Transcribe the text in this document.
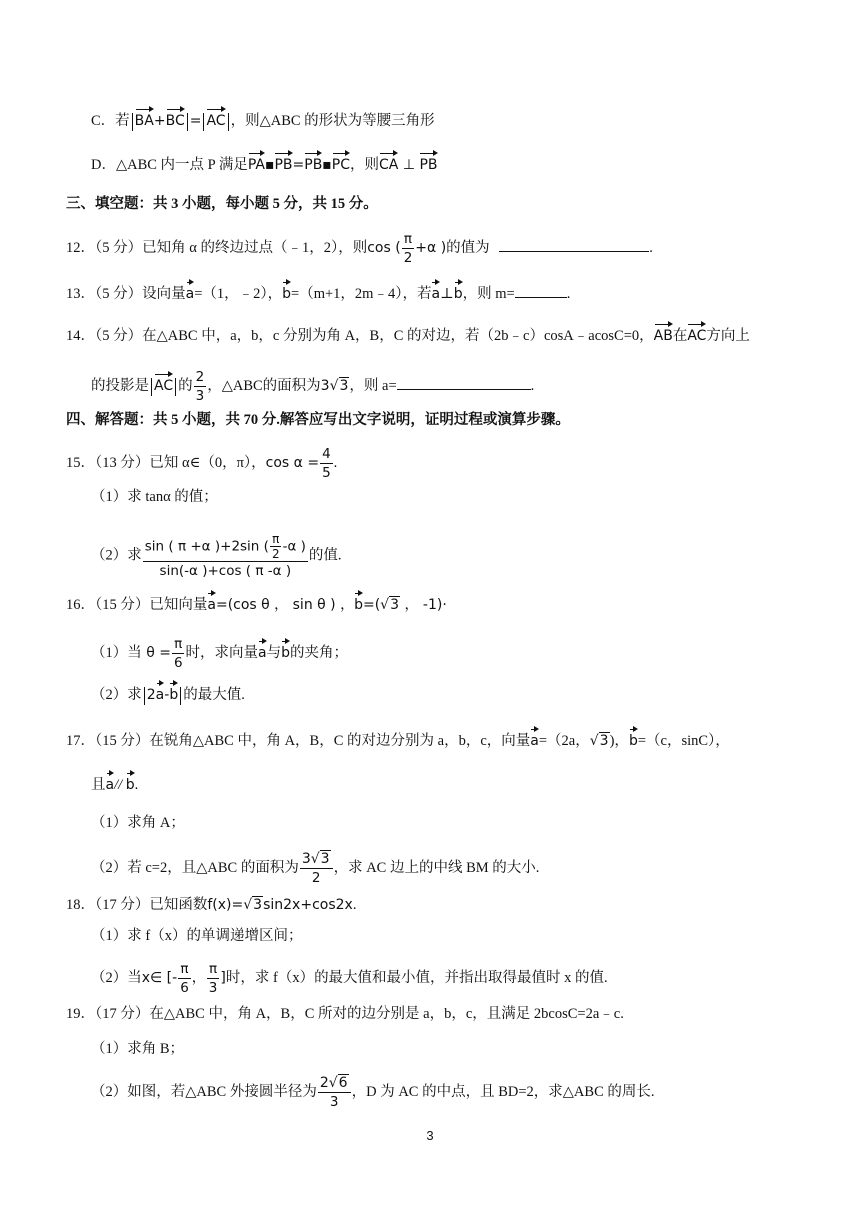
C．若 BA+BC = AC ，则△ABC 的形状为等腰三角形
D．△ABC 内一点 P 满足PA▪PB=PB▪PC，则CA ⊥ PB
三、填空题：共 3 小题，每小题 5 分，共 15 分。
12．（5 分）已知角 α 的终边过点（﹣1，2），则cos ( $\frac{\pi}{2} +\alpha$ )的值为	.
13．（5 分）设向量a=（1，﹣2），b=（m+1，2m﹣4），若a⊥b，则 m=	.
14．（5 分）在△ABC 中，a，b，c 分别为角 A，B，C 的对边，若（2b﹣c）cosA﹣acosC=0，AB在AC方向上
的投影是 AC 的 $\frac{2}{3}$ ，△ABC的面积为3√3，则 a=	.
四、解答题：共 5 小题，共 70 分.解答应写出文字说明，证明过程或演算步骤。
15．（13 分）已知 α∈（0，π），$\cos \alpha = \frac{4}{5}$ .
（1）求 tanα 的值；
（2）求 $\frac{\sin ( \pi +\alpha )+2\sin ( \frac{\pi}{2} -\alpha )}{\sin(-\alpha )+\cos ( \pi -\alpha )}$ 的值.
16．（15 分）已知向量a=(cos θ ， sin θ ) ，b=(√3 ， -1)·
（1）当 $\theta = \frac{\pi}{6}$ 时，求向量a与b的夹角；
（2）求 2a-b 的最大值.
17．（15 分）在锐角△ABC 中，角 A，B，C 的对边分别为 a，b，c，向量a=（2a，√3)，b=（c，sinC），
且a// b.
（1）求角 A；
（2）若 c=2，且△ABC 的面积为 $\frac{3√3}{2}$ ，求 AC 边上的中线 BM 的大小.
18．（17 分）已知函数f(x)=√3sin2x+cos2x.
（1）求 f（x）的单调递增区间；
（2）当x∈ [- $\frac{\pi}{6}$ ， $\frac{\pi}{3}$ ]时，求 f（x）的最大值和最小值，并指出取得最值时 x 的值.
19．（17 分）在△ABC 中，角 A，B，C 所对的边分别是 a，b，c，且满足 2bcosC=2a﹣c.
（1）求角 B；
（2）如图，若△ABC 外接圆半径为 $\frac{2√6}{3}$ ，D 为 AC 的中点，且 BD=2，求△ABC 的周长.
3
